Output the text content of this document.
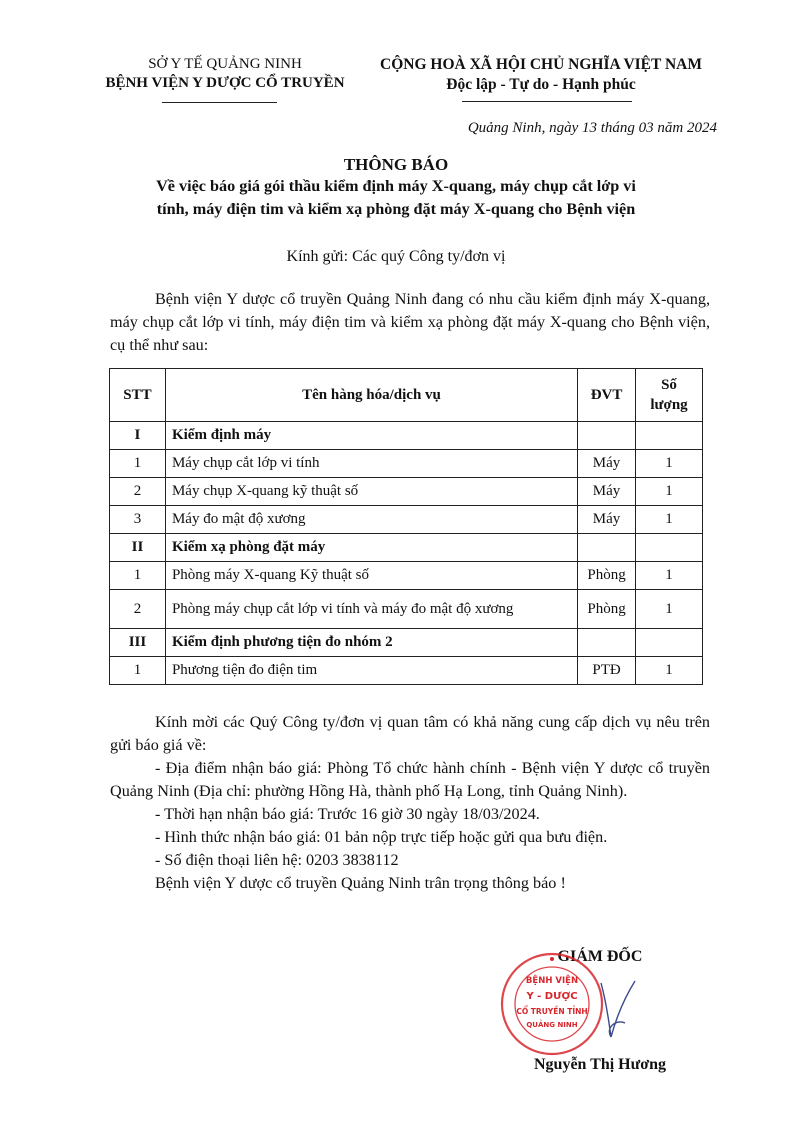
SỞ Y TẾ QUẢNG NINH
BỆNH VIỆN Y DƯỢC CỔ TRUYỀN
CỘNG HOÀ XÃ HỘI CHỦ NGHĨA VIỆT NAM
Độc lập - Tự do - Hạnh phúc
Quảng Ninh, ngày 13 tháng 03 năm 2024
THÔNG BÁO
Về việc báo giá gói thầu kiểm định máy X-quang, máy chụp cắt lớp vi
tính, máy điện tim và kiểm xạ phòng đặt máy X-quang cho Bệnh viện
Kính gửi: Các quý Công ty/đơn vị

Bệnh viện Y dược cổ truyền Quảng Ninh đang có nhu cầu kiểm định máy X-quang, máy chụp cắt lớp vi tính, máy điện tim và kiểm xạ phòng đặt máy X-quang cho Bệnh viện, cụ thể như sau:

STT	Tên hàng hóa/dịch vụ	ĐVT	Số
lượng

I	Kiểm định máy		
1	Máy chụp cắt lớp vi tính	Máy	1
2	Máy chụp X-quang kỹ thuật số	Máy	1
3	Máy đo mật độ xương	Máy	1
II	Kiểm xạ phòng đặt máy		
1	Phòng máy X-quang Kỹ thuật số	Phòng	1
2	Phòng máy chụp cắt lớp vi tính và máy đo mật độ xương	Phòng	1
III	Kiểm định phương tiện đo nhóm 2		
1	Phương tiện đo điện tim	PTĐ	1

Kính mời các Quý Công ty/đơn vị quan tâm có khả năng cung cấp dịch vụ nêu trên gửi báo giá về:

- Địa điểm nhận báo giá: Phòng Tổ chức hành chính - Bệnh viện Y dược cổ truyền Quảng Ninh (Địa chỉ: phường Hồng Hà, thành phố Hạ Long, tỉnh Quảng Ninh).

- Thời hạn nhận báo giá: Trước 16 giờ 30 ngày 18/03/2024.

- Hình thức nhận báo giá: 01 bản nộp trực tiếp hoặc gửi qua bưu điện.

- Số điện thoại liên hệ: 0203 3838112

Bệnh viện Y dược cổ truyền Quảng Ninh trân trọng thông báo !

GIÁM ĐỐC
BỆNH VIỆN
Y - DƯỢC
CỔ TRUYỀN TỈNH
QUẢNG NINH
Nguyễn Thị Hương
